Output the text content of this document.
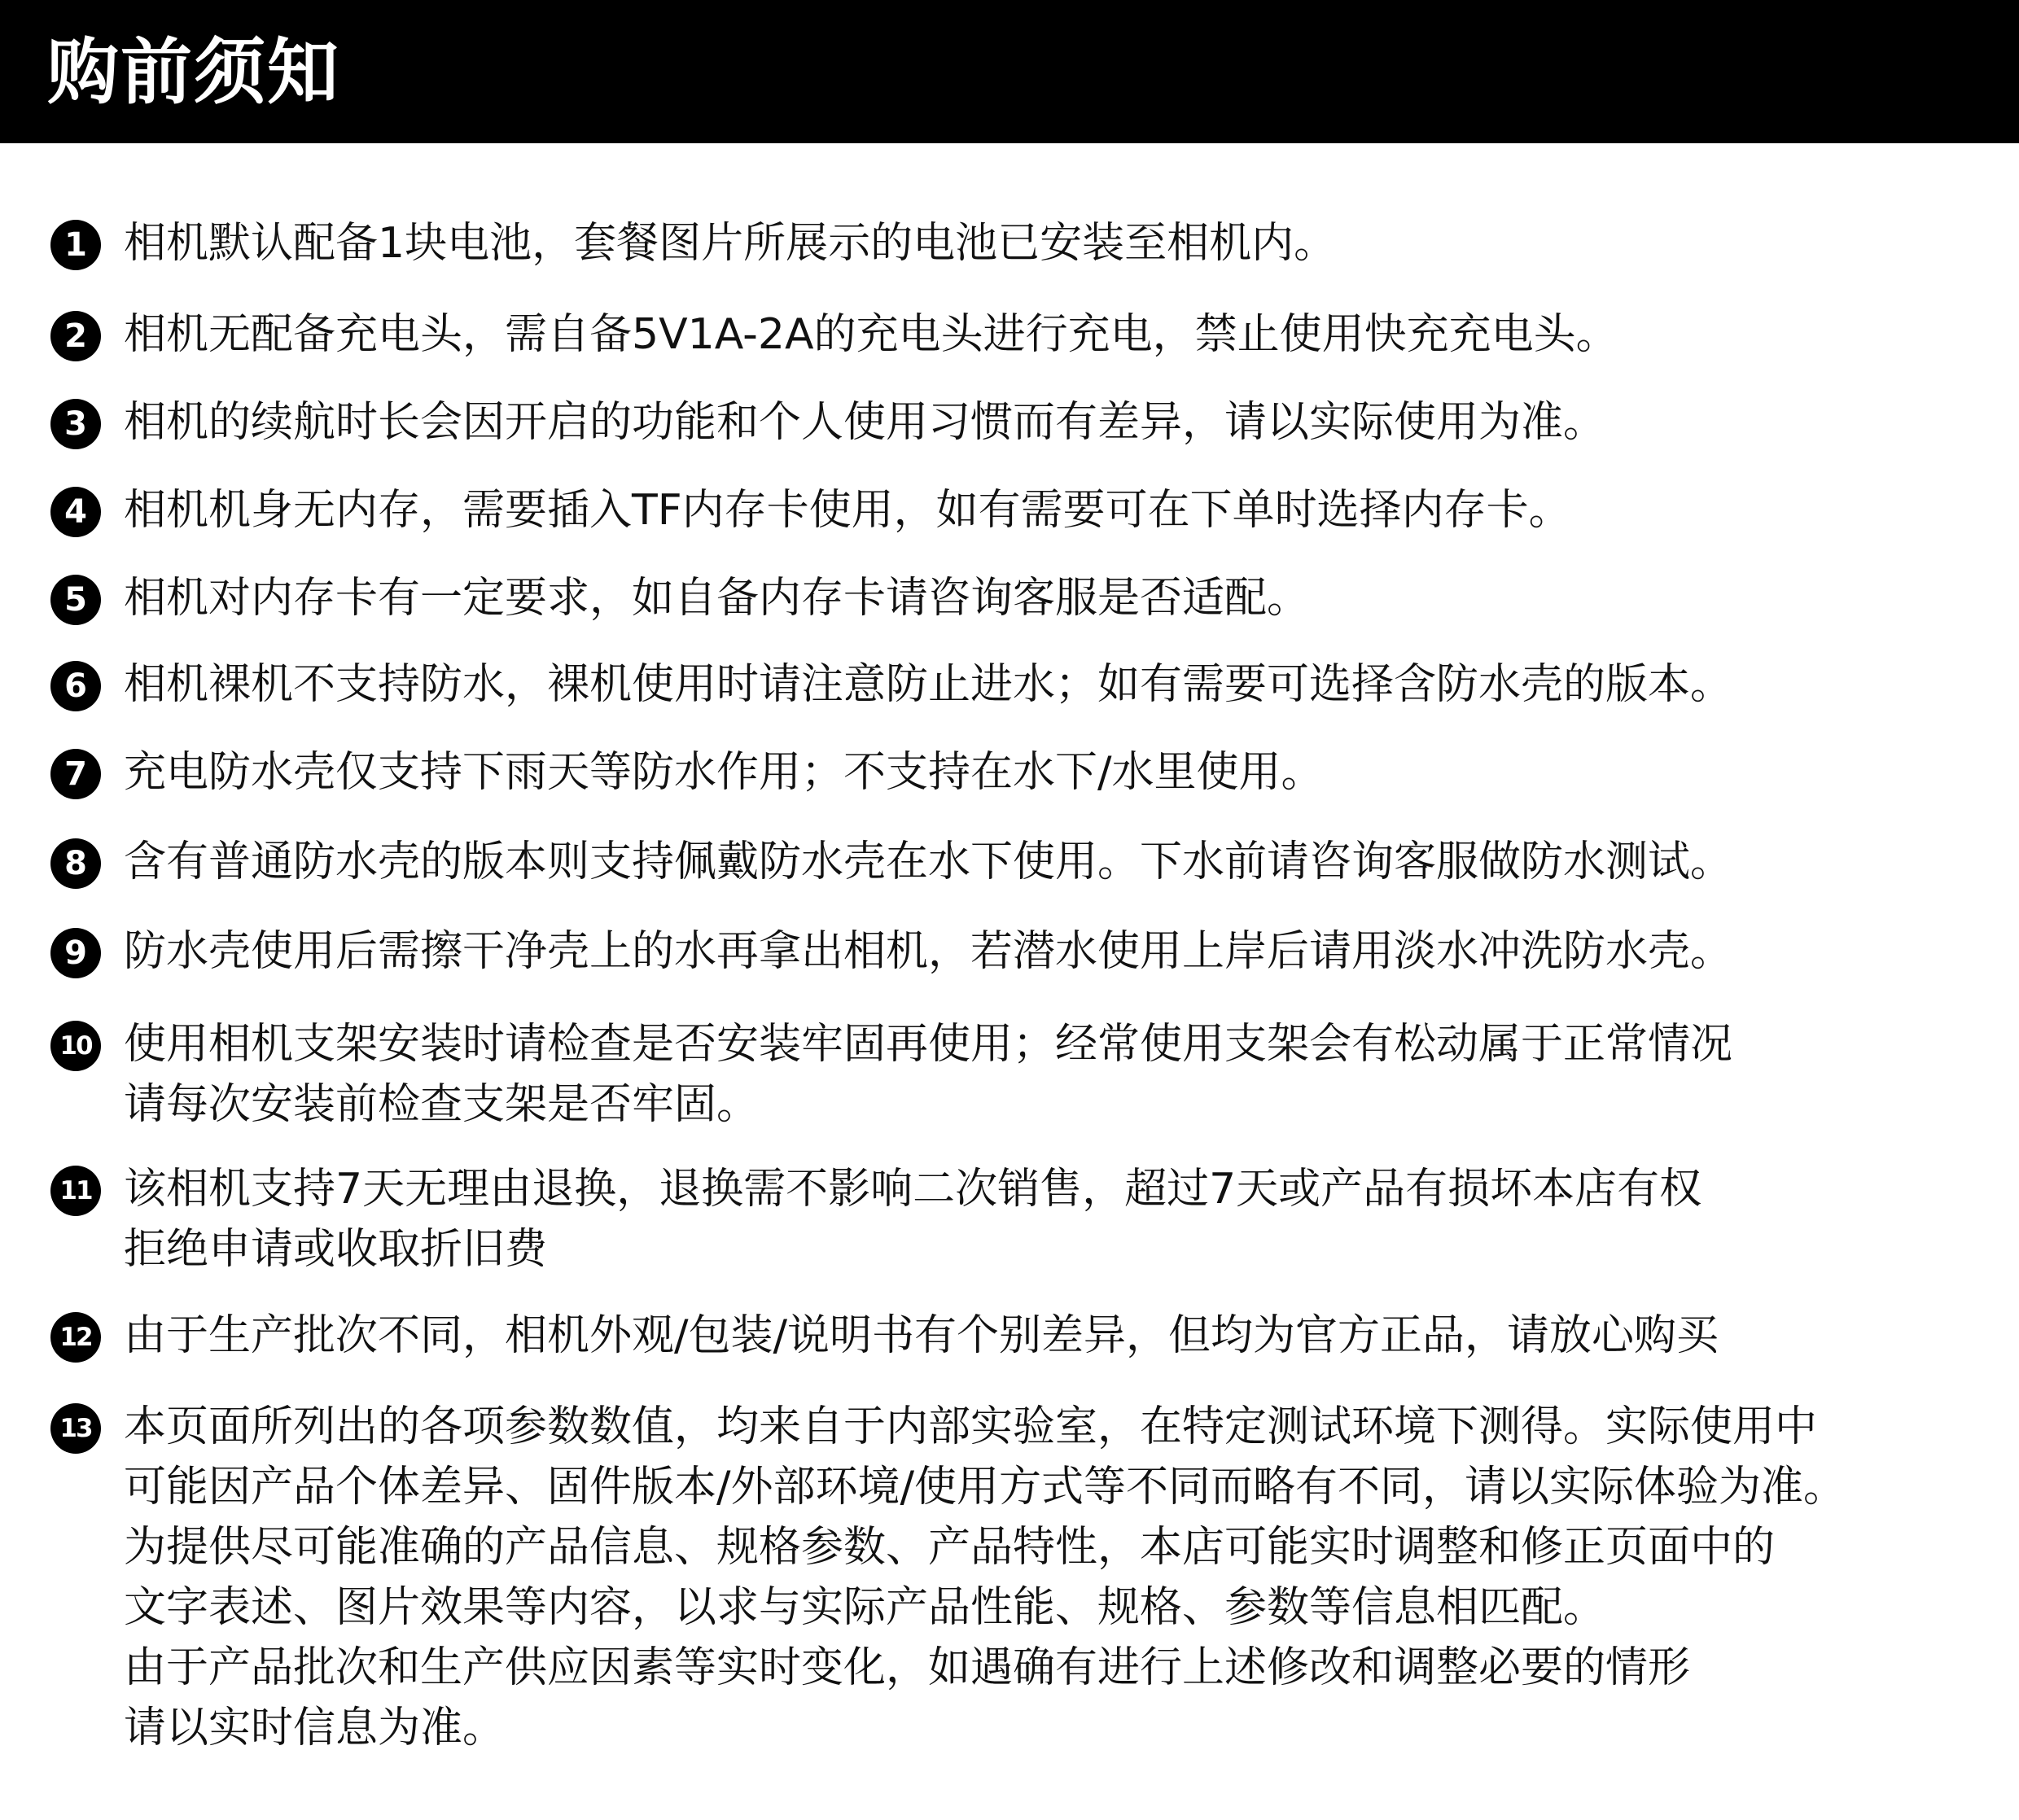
购前须知
1 相机默认配备1块电池，套餐图片所展示的电池已安装至相机内。
2 相机无配备充电头，需自备5V1A-2A的充电头进行充电，禁止使用快充充电头。
3 相机的续航时长会因开启的功能和个人使用习惯而有差异，请以实际使用为准。
4 相机机身无内存，需要插入TF内存卡使用，如有需要可在下单时选择内存卡。
5 相机对内存卡有一定要求，如自备内存卡请咨询客服是否适配。
6 相机裸机不支持防水，裸机使用时请注意防止进水；如有需要可选择含防水壳的版本。
7 充电防水壳仅支持下雨天等防水作用；不支持在水下/水里使用。
8 含有普通防水壳的版本则支持佩戴防水壳在水下使用。下水前请咨询客服做防水测试。
9 防水壳使用后需擦干净壳上的水再拿出相机，若潜水使用上岸后请用淡水冲洗防水壳。
10 使用相机支架安装时请检查是否安装牢固再使用；经常使用支架会有松动属于正常情况
请每次安装前检查支架是否牢固。
11 该相机支持7天无理由退换，退换需不影响二次销售，超过7天或产品有损坏本店有权
拒绝申请或收取折旧费
12 由于生产批次不同，相机外观/包装/说明书有个别差异，但均为官方正品，请放心购买
13 本页面所列出的各项参数数值，均来自于内部实验室，在特定测试环境下测得。实际使用中
可能因产品个体差异、固件版本/外部环境/使用方式等不同而略有不同，请以实际体验为准。
为提供尽可能准确的产品信息、规格参数、产品特性，本店可能实时调整和修正页面中的
文字表述、图片效果等内容，以求与实际产品性能、规格、参数等信息相匹配。
由于产品批次和生产供应因素等实时变化，如遇确有进行上述修改和调整必要的情形
请以实时信息为准。
